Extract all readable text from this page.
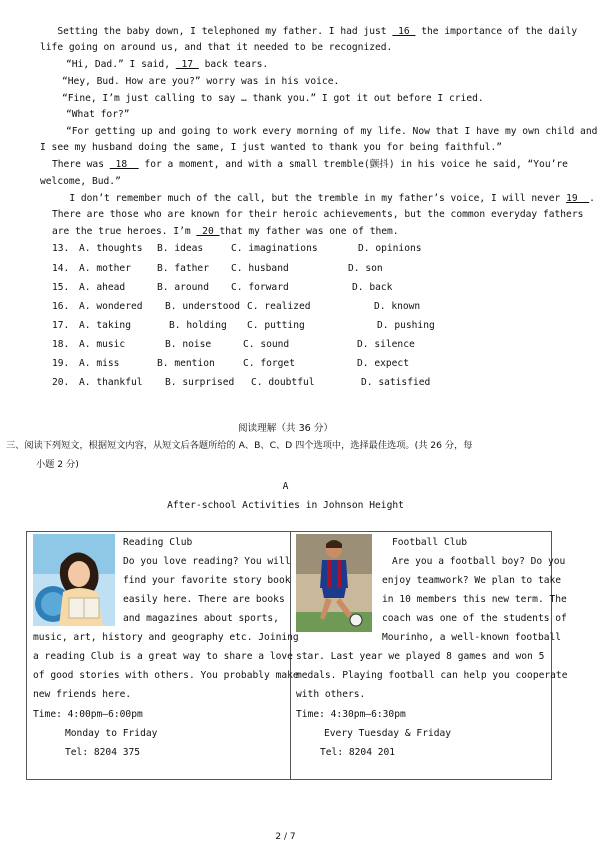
Setting the baby down, I telephoned my father. I had just  16  the importance of the daily
life going on around us, and that it needed to be recognized.
“Hi, Dad.” I said,  17  back tears.
“Hey, Bud. How are you?” worry was in his voice.
“Fine, I’m just calling to say … thank you.” I got it out before I cried.
“What for?”
“For getting up and going to work every morning of my life. Now that I have my own child and
I see my husband doing the same, I just wanted to thank you for being faithful.”
There was  18   for a moment, and with a small tremble(颤抖) in his voice he said, “You’re
welcome, Bud.”
I don’t remember much of the call, but the tremble in my father’s voice, I will never 19  .
There are those who are known for their heroic achievements, but the common everyday fathers
are the true heroes. I’m  20 that my father was one of them.
13. A. thoughts B. ideas	C. imaginations	D. opinions
14. A. mother	B. father C. husband	D. son
15. A. ahead	B. around C. forward	D. back
16. A. wondered B. understood C. realized	D. known
17. A. taking	B. holding C. putting	D. pushing
18. A. music	B. noise	C. sound	D. silence
19. A. miss	B. mention	C. forget	D. expect
20. A. thankful B. surprised C. doubtful	D. satisfied
阅读理解（共 36 分）
三、阅读下列短文，根据短文内容，从短文后各题所给的 A、B、C、D 四个选项中，选择最佳选项。(共 26 分，每
小题 2 分)
A
After-school Activities in Johnson Height
Reading Club
Do you love reading? You will
find your favorite story book
easily here. There are books
and magazines about sports,
music, art, history and geography etc. Joining
a reading Club is a great way to share a love
of good stories with others. You probably make
new friends here.
Time: 4:00pm—6:00pm
Monday to Friday
Tel: 8204 375
Football Club
Are you a football boy? Do you
enjoy teamwork? We plan to take
in 10 members this new term. The
coach was one of the students of
Mourinho, a well-known football
star. Last year we played 8 games and won 5
medals. Playing football can help you cooperate
with others.
Time: 4:30pm—6:30pm
Every Tuesday & Friday
Tel: 8204 201
2 / 7
